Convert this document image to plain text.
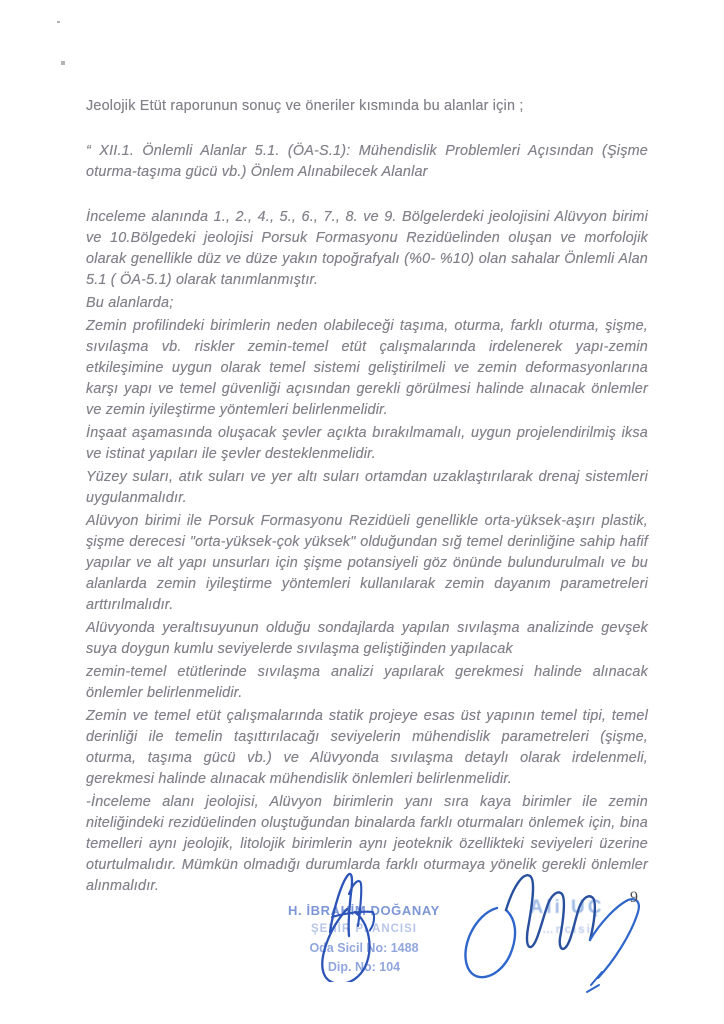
Jeolojik Etüt raporunun sonuç ve öneriler kısmında bu alanlar için ;

“ XII.1. Önlemli Alanlar 5.1. (ÖA-S.1): Mühendislik Problemleri Açısından (Şişme oturma-taşıma gücü vb.) Önlem Alınabilecek Alanlar

İnceleme alanında 1., 2., 4., 5., 6., 7., 8. ve 9. Bölgelerdeki jeolojisini Alüvyon birimi ve 10.Bölgedeki jeolojisi Porsuk Formasyonu Rezidüelinden oluşan ve morfolojik olarak genellikle düz ve düze yakın topoğrafyalı (%0- %10) olan sahalar Önlemli Alan 5.1 ( ÖA-5.1) olarak tanımlanmıştır.

Bu alanlarda;

Zemin profilindeki birimlerin neden olabileceği taşıma, oturma, farklı oturma, şişme, sıvılaşma vb. riskler zemin-temel etüt çalışmalarında irdelenerek yapı-zemin etkileşimine uygun olarak temel sistemi geliştirilmeli ve zemin deformasyonlarına karşı yapı ve temel güvenliği açısından gerekli görülmesi halinde alınacak önlemler ve zemin iyileştirme yöntemleri belirlenmelidir.

İnşaat aşamasında oluşacak şevler açıkta bırakılmamalı, uygun projelendirilmiş iksa ve istinat yapıları ile şevler desteklenmelidir.

Yüzey suları, atık suları ve yer altı suları ortamdan uzaklaştırılarak drenaj sistemleri uygulanmalıdır.

Alüvyon birimi ile Porsuk Formasyonu Rezidüeli genellikle orta-yüksek-aşırı plastik, şişme derecesi "orta-yüksek-çok yüksek" olduğundan sığ temel derinliğine sahip hafif yapılar ve alt yapı unsurları için şişme potansiyeli göz önünde bulundurulmalı ve bu alanlarda zemin iyileştirme yöntemleri kullanılarak zemin dayanım parametreleri arttırılmalıdır.

Alüvyonda yeraltısuyunun olduğu sondajlarda yapılan sıvılaşma analizinde gevşek suya doygun kumlu seviyelerde sıvılaşma geliştiğinden yapılacak

zemin-temel etütlerinde sıvılaşma analizi yapılarak gerekmesi halinde alınacak önlemler belirlenmelidir.

Zemin ve temel etüt çalışmalarında statik projeye esas üst yapının temel tipi, temel derinliği ile temelin taşıttırılacağı seviyelerin mühendislik parametreleri (şişme, oturma, taşıma gücü vb.) ve Alüvyonda sıvılaşma detaylı olarak irdelenmeli, gerekmesi halinde alınacak mühendislik önlemleri belirlenmelidir.

-İnceleme alanı jeolojisi, Alüvyon birimlerin yanı sıra kaya birimler ile zemin niteliğindeki rezidüelinden oluştuğundan binalarda farklı oturmaları önlemek için, bina temelleri aynı jeolojik, litolojik birimlerin aynı jeoteknik özellikteki seviyeleri üzerine oturtulmalıdır. Mümkün olmadığı durumlarda farklı oturmaya yönelik gerekli önlemler alınmalıdır.

H. İBRAHİM DOĞANAY
ŞEHİR PLANCISI
Oda Sicil No: 1488
Dip. No: 104
Ali UÇ
…ncisi
9
